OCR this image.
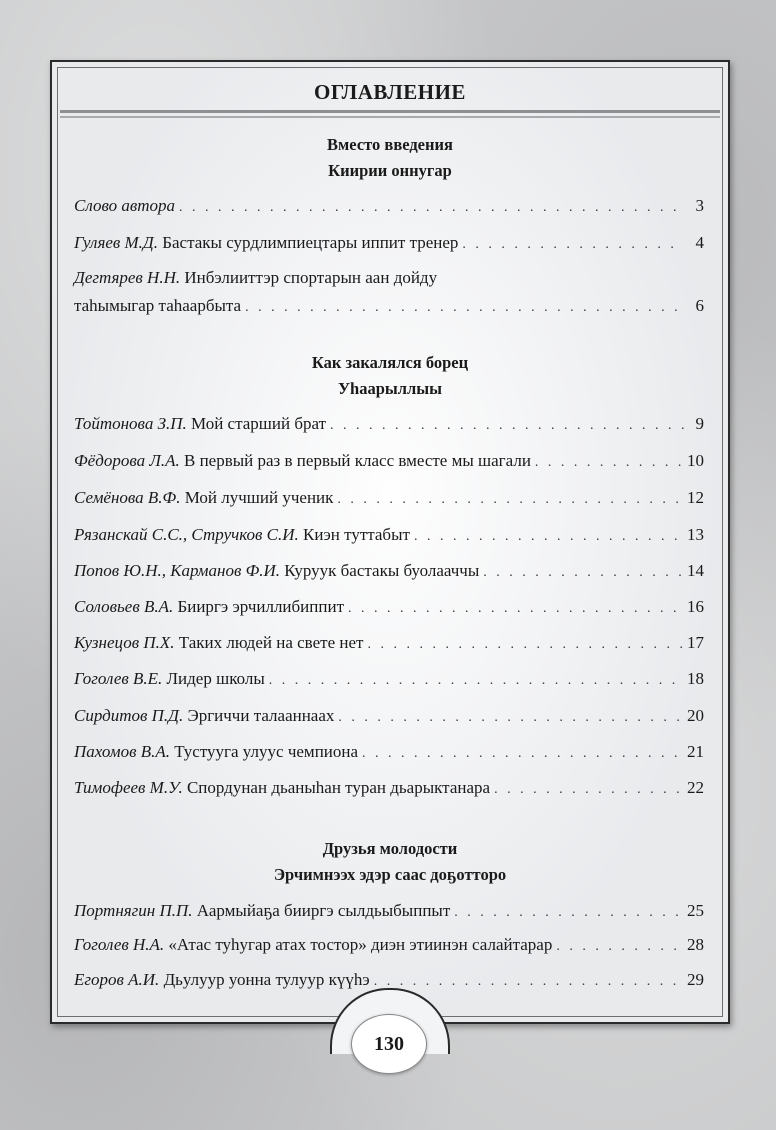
ОГЛАВЛЕНИЕ
Вместо введения
Киирии оннугар
Слово автора . . .	3
Гуляев М.Д.
Бастакы сурдлимпиецтары иппит тренер . . .	4
Дегтярев Н.Н.
Инбэлииттэр спортарын аан дойду
таһымыгар таһаарбыта . . .	6
Как закалялся борец
Уһаарыллыы
Тойтонова З.П.
Мой старший брат . . .	9
Фёдорова Л.А.
В первый раз в первый класс вместе мы шагали . . .	10
Семёнова В.Ф.
Мой лучший ученик . . .	12
Рязанскай С.С., Стручков С.И.
Киэн туттабыт . . .	13
Попов Ю.Н., Карманов Ф.И.
Куруук бастакы буолааччы . . .	14
Соловьев В.А.
Бииргэ эрчиллибиппит . . .	16
Кузнецов П.Х.
Таких людей на свете нет . . .	17
Гоголев В.Е.
Лидер школы . . .	18
Сирдитов П.Д.
Эргиччи талааннаах . . .	20
Пахомов В.А.
Тустууга улуус чемпиона . . .	21
Тимофеев М.У.
Спордунан дьаныһан туран дьарыктанара . . .	22
Друзья молодости
Эрчимнээх эдэр саас доҕотторо
Портнягин П.П.
Аармыйаҕа бииргэ сылдьыбыппыт . . .	25
Гоголев Н.А.
«Атас туһугар атах тостор» диэн этиинэн салайтарар . . .	28
Егоров А.И.
Дьулуур уонна тулуур күүһэ . . .	29
130
